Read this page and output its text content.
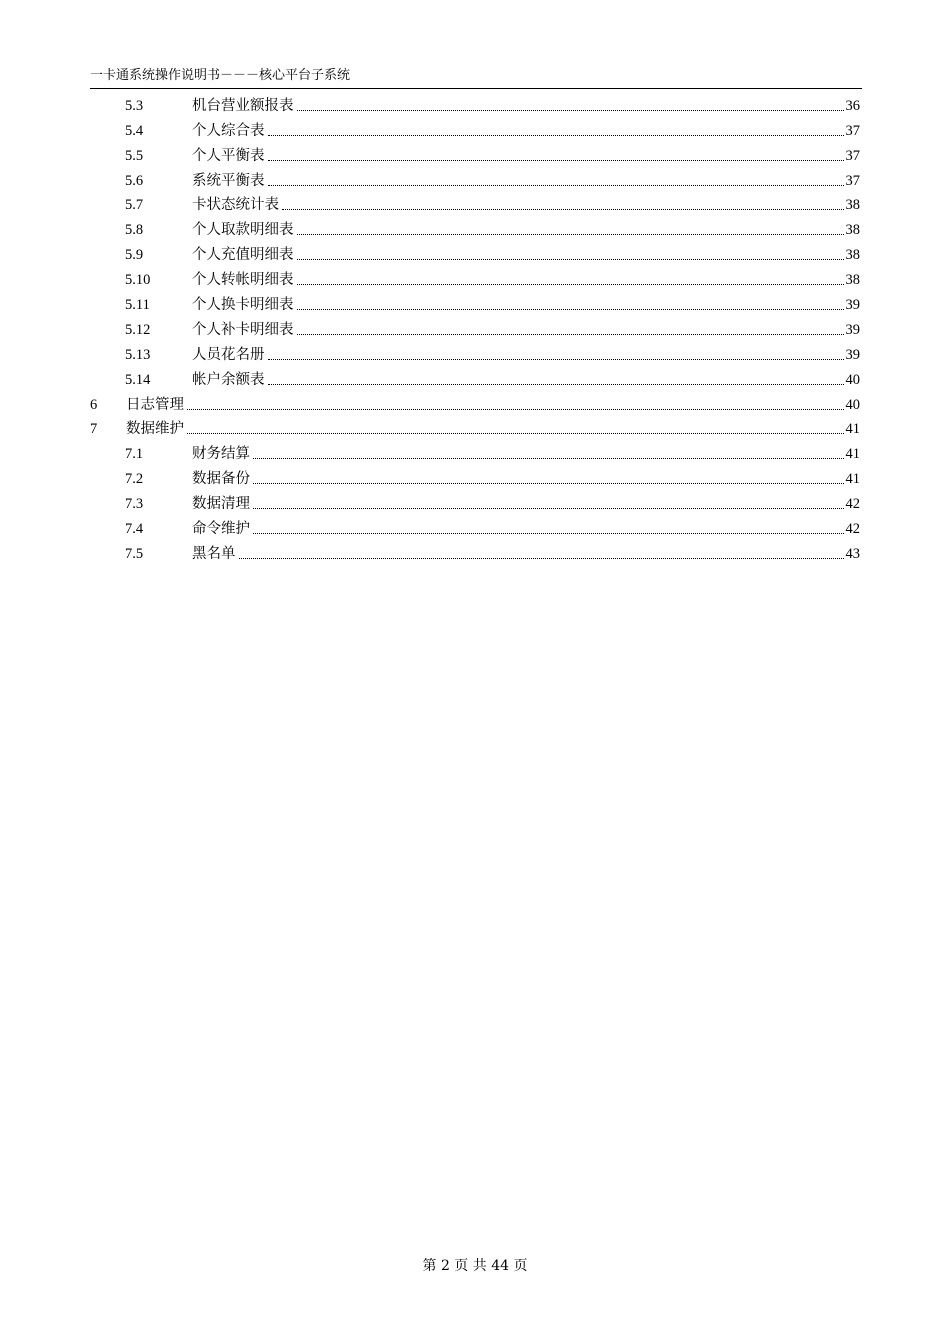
一卡通系统操作说明书－－－核心平台子系统
5.3	机台营业额报表	36
5.4	个人综合表	37
5.5	个人平衡表	37
5.6	系统平衡表	37
5.7	卡状态统计表	38
5.8	个人取款明细表	38
5.9	个人充值明细表	38
5.10	个人转帐明细表	38
5.11	个人换卡明细表	39
5.12	个人补卡明细表	39
5.13	人员花名册	39
5.14	帐户余额表	40
6	日志管理	40
7	数据维护	41
7.1	财务结算	41
7.2	数据备份	41
7.3	数据清理	42
7.4	命令维护	42
7.5	黑名单	43
第 2 页 共 44 页
